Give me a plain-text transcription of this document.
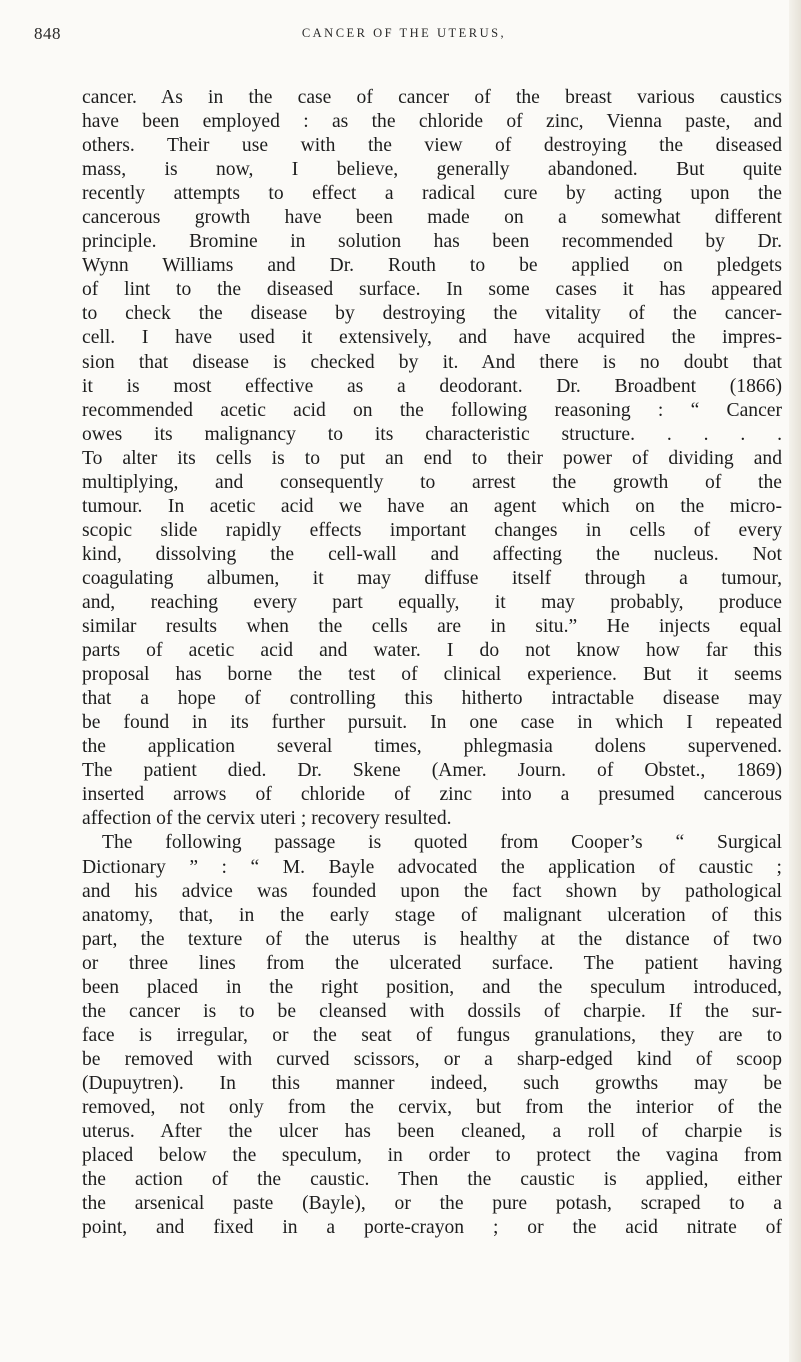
848	CANCER OF THE UTERUS,
cancer. As in the case of cancer of the breast various caustics
have been employed : as the chloride of zinc, Vienna paste, and
others. Their use with the view of destroying the diseased
mass, is now, I believe, generally abandoned. But quite
recently attempts to effect a radical cure by acting upon the
cancerous growth have been made on a somewhat different
principle. Bromine in solution has been recommended by Dr.
Wynn Williams and Dr. Routh to be applied on pledgets
of lint to the diseased surface. In some cases it has appeared
to check the disease by destroying the vitality of the cancer-
cell. I have used it extensively, and have acquired the impres-
sion that disease is checked by it. And there is no doubt that
it is most effective as a deodorant. Dr. Broadbent (1866)
recommended acetic acid on the following reasoning : “ Cancer
owes its malignancy to its characteristic structure. . . . .
To alter its cells is to put an end to their power of dividing and
multiplying, and consequently to arrest the growth of the
tumour. In acetic acid we have an agent which on the micro-
scopic slide rapidly effects important changes in cells of every
kind, dissolving the cell-wall and affecting the nucleus. Not
coagulating albumen, it may diffuse itself through a tumour,
and, reaching every part equally, it may probably, produce
similar results when the cells are in situ.” He injects equal
parts of acetic acid and water. I do not know how far this
proposal has borne the test of clinical experience. But it seems
that a hope of controlling this hitherto intractable disease may
be found in its further pursuit. In one case in which I repeated
the application several times, phlegmasia dolens supervened.
The patient died. Dr. Skene (Amer. Journ. of Obstet., 1869)
inserted arrows of chloride of zinc into a presumed cancerous
affection of the cervix uteri ; recovery resulted.
The following passage is quoted from Cooper’s “ Surgical
Dictionary ” : “ M. Bayle advocated the application of caustic ;
and his advice was founded upon the fact shown by pathological
anatomy, that, in the early stage of malignant ulceration of this
part, the texture of the uterus is healthy at the distance of two
or three lines from the ulcerated surface. The patient having
been placed in the right position, and the speculum introduced,
the cancer is to be cleansed with dossils of charpie. If the sur-
face is irregular, or the seat of fungus granulations, they are to
be removed with curved scissors, or a sharp-edged kind of scoop
(Dupuytren). In this manner indeed, such growths may be
removed, not only from the cervix, but from the interior of the
uterus. After the ulcer has been cleaned, a roll of charpie is
placed below the speculum, in order to protect the vagina from
the action of the caustic. Then the caustic is applied, either
the arsenical paste (Bayle), or the pure potash, scraped to a
point, and fixed in a porte-crayon ; or the acid nitrate of
